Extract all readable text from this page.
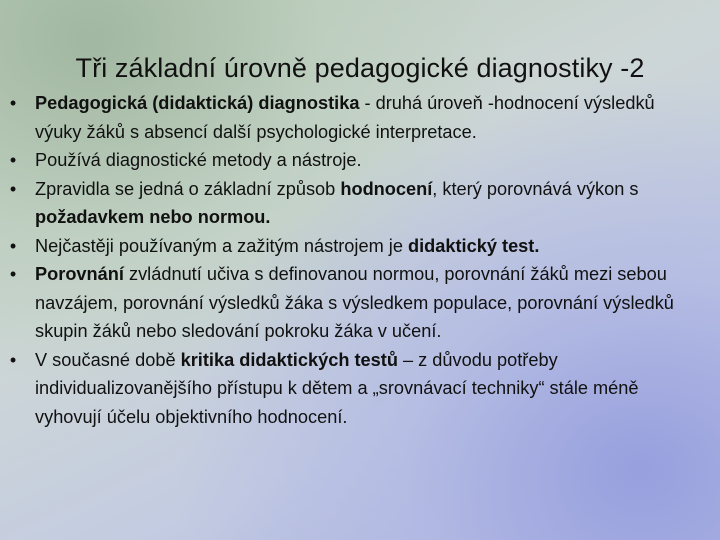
Tři základní úrovně pedagogické diagnostiky -2
• Pedagogická (didaktická) diagnostika - druhá úroveň -hodnocení výsledků výuky žáků s absencí další psychologické interpretace.
• Používá diagnostické metody a nástroje.
• Zpravidla se jedná o základní způsob hodnocení, který porovnává výkon s požadavkem nebo normou.
• Nejčastěji používaným a zažitým nástrojem je didaktický test.
• Porovnání zvládnutí učiva s definovanou normou, porovnání žáků mezi sebou navzájem, porovnání výsledků žáka s výsledkem populace, porovnání výsledků skupin žáků nebo sledování pokroku žáka v učení.
• V současné době kritika didaktických testů – z důvodu potřeby individualizovanějšího přístupu k dětem a „srovnávací techniky“ stále méně vyhovují účelu objektivního hodnocení.
